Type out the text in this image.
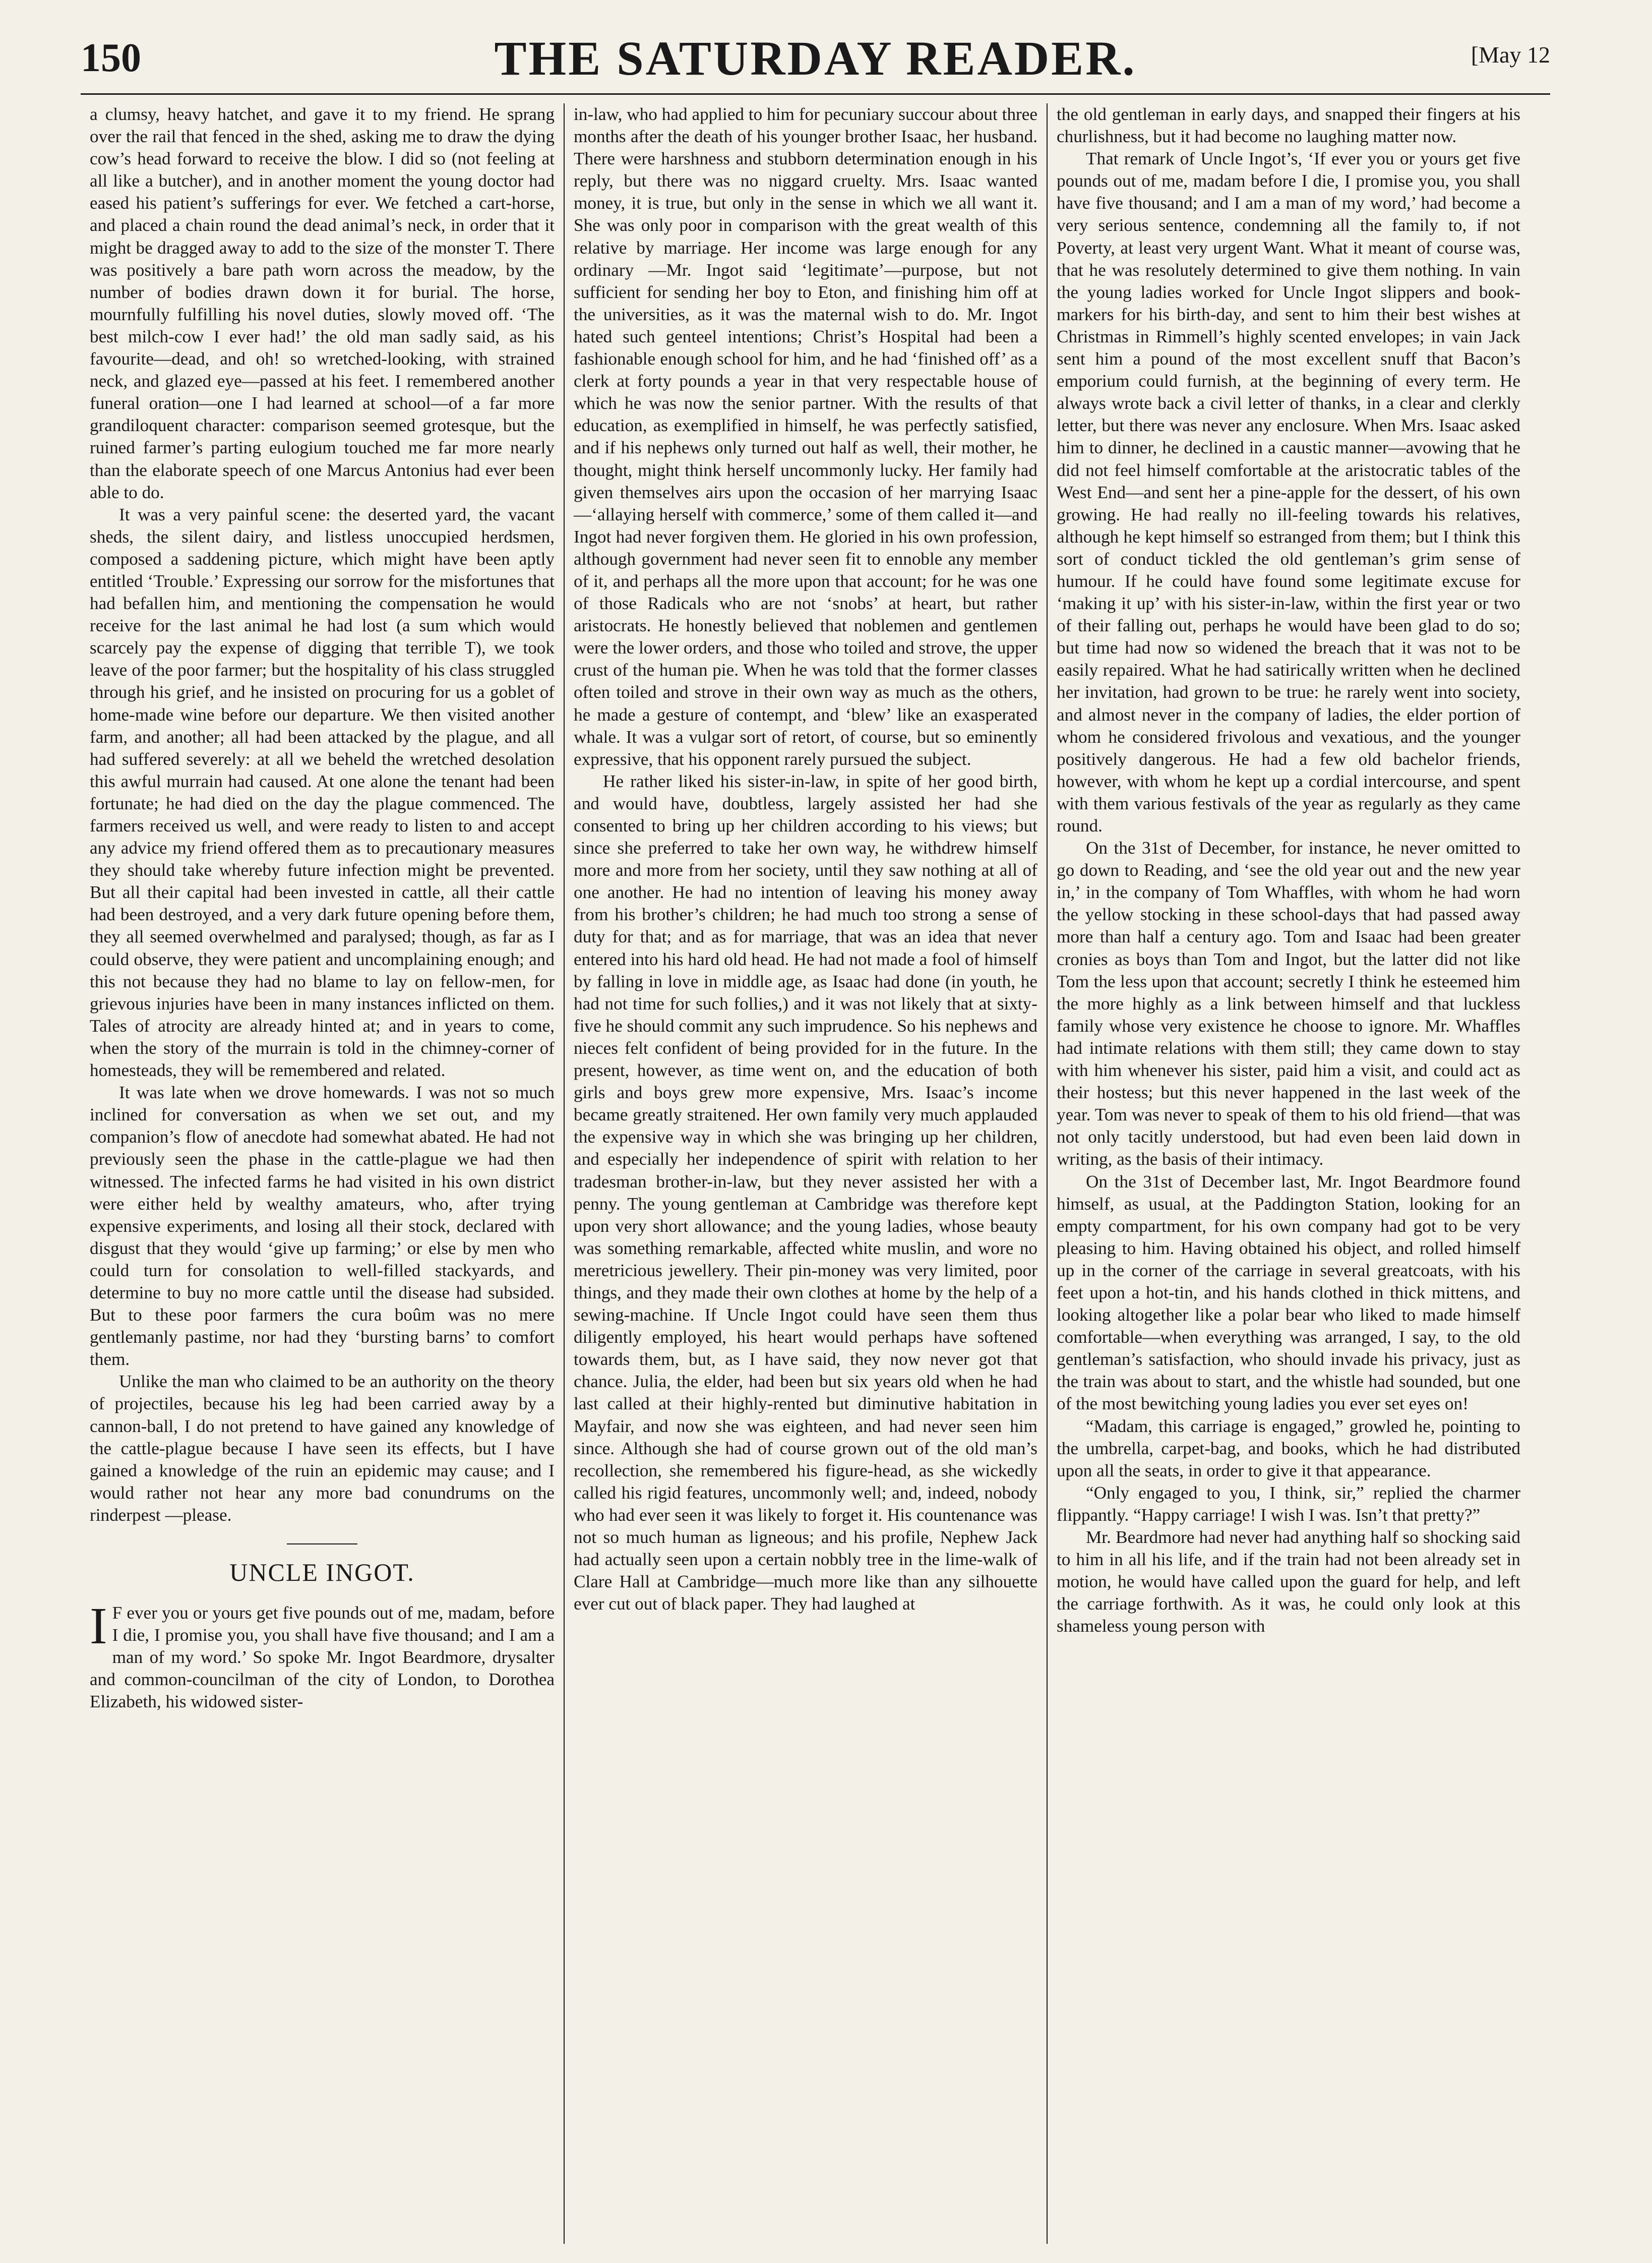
150	THE SATURDAY READER.	[May 12

a clumsy, heavy hatchet, and gave it to my friend. He sprang over the rail that fenced in the shed, asking me to draw the dying cow’s head forward to receive the blow. I did so (not feeling at all like a butcher), and in another moment the young doctor had eased his patient’s sufferings for ever. We fetched a cart-horse, and placed a chain round the dead animal’s neck, in order that it might be dragged away to add to the size of the monster T. There was positively a bare path worn across the meadow, by the number of bodies drawn down it for burial. The horse, mournfully fulfilling his novel duties, slowly moved off. ‘The best milch-cow I ever had!’ the old man sadly said, as his favourite—dead, and oh! so wretched-looking, with strained neck, and glazed eye—passed at his feet. I remembered another funeral oration—one I had learned at school—of a far more grandiloquent character: comparison seemed grotesque, but the ruined farmer’s parting eulogium touched me far more nearly than the elaborate speech of one Marcus Antonius had ever been able to do.

It was a very painful scene: the deserted yard, the vacant sheds, the silent dairy, and listless unoccupied herdsmen, composed a saddening picture, which might have been aptly entitled ‘Trouble.’ Expressing our sorrow for the misfortunes that had befallen him, and mentioning the compensation he would receive for the last animal he had lost (a sum which would scarcely pay the expense of digging that terrible T), we took leave of the poor farmer; but the hospitality of his class struggled through his grief, and he insisted on procuring for us a goblet of home-made wine before our departure. We then visited another farm, and another; all had been attacked by the plague, and all had suffered severely: at all we beheld the wretched desolation this awful murrain had caused. At one alone the tenant had been fortunate; he had died on the day the plague commenced. The farmers received us well, and were ready to listen to and accept any advice my friend offered them as to precautionary measures they should take whereby future infection might be prevented. But all their capital had been invested in cattle, all their cattle had been destroyed, and a very dark future opening before them, they all seemed overwhelmed and paralysed; though, as far as I could observe, they were patient and uncomplaining enough; and this not because they had no blame to lay on fellow-men, for grievous injuries have been in many instances inflicted on them. Tales of atrocity are already hinted at; and in years to come, when the story of the murrain is told in the chimney-corner of homesteads, they will be remembered and related.

It was late when we drove homewards. I was not so much inclined for conversation as when we set out, and my companion’s flow of anecdote had somewhat abated. He had not previously seen the phase in the cattle-plague we had then witnessed. The infected farms he had visited in his own district were either held by wealthy amateurs, who, after trying expensive experiments, and losing all their stock, declared with disgust that they would ‘give up farming;’ or else by men who could turn for consolation to well-filled stackyards, and determine to buy no more cattle until the disease had subsided. But to these poor farmers the cura boûm was no mere gentlemanly pastime, nor had they ‘bursting barns’ to comfort them.

Unlike the man who claimed to be an authority on the theory of projectiles, because his leg had been carried away by a cannon-ball, I do not pretend to have gained any knowledge of the cattle-plague because I have seen its effects, but I have gained a knowledge of the ruin an epidemic may cause; and I would rather not hear any more bad conundrums on the rinderpest —please.

UNCLE INGOT.

I F ever you or yours get five pounds out of me, madam, before I die, I promise you, you shall have five thousand; and I am a man of my word.’ So spoke Mr. Ingot Beardmore, drysalter and common-councilman of the city of London, to Dorothea Elizabeth, his widowed sister-

in-law, who had applied to him for pecuniary succour about three months after the death of his younger brother Isaac, her husband. There were harshness and stubborn determination enough in his reply, but there was no niggard cruelty. Mrs. Isaac wanted money, it is true, but only in the sense in which we all want it. She was only poor in comparison with the great wealth of this relative by marriage. Her income was large enough for any ordinary —Mr. Ingot said ‘legitimate’—purpose, but not sufficient for sending her boy to Eton, and finishing him off at the universities, as it was the maternal wish to do. Mr. Ingot hated such genteel intentions; Christ’s Hospital had been a fashionable enough school for him, and he had ‘finished off’ as a clerk at forty pounds a year in that very respectable house of which he was now the senior partner. With the results of that education, as exemplified in himself, he was perfectly satisfied, and if his nephews only turned out half as well, their mother, he thought, might think herself uncommonly lucky. Her family had given themselves airs upon the occasion of her marrying Isaac—‘allaying herself with commerce,’ some of them called it—and Ingot had never forgiven them. He gloried in his own profession, although government had never seen fit to ennoble any member of it, and perhaps all the more upon that account; for he was one of those Radicals who are not ‘snobs’ at heart, but rather aristocrats. He honestly believed that noblemen and gentlemen were the lower orders, and those who toiled and strove, the upper crust of the human pie. When he was told that the former classes often toiled and strove in their own way as much as the others, he made a gesture of contempt, and ‘blew’ like an exasperated whale. It was a vulgar sort of retort, of course, but so eminently expressive, that his opponent rarely pursued the subject.

He rather liked his sister-in-law, in spite of her good birth, and would have, doubtless, largely assisted her had she consented to bring up her children according to his views; but since she preferred to take her own way, he withdrew himself more and more from her society, until they saw nothing at all of one another. He had no intention of leaving his money away from his brother’s children; he had much too strong a sense of duty for that; and as for marriage, that was an idea that never entered into his hard old head. He had not made a fool of himself by falling in love in middle age, as Isaac had done (in youth, he had not time for such follies,) and it was not likely that at sixty-five he should commit any such imprudence. So his nephews and nieces felt confident of being provided for in the future. In the present, however, as time went on, and the education of both girls and boys grew more expensive, Mrs. Isaac’s income became greatly straitened. Her own family very much applauded the expensive way in which she was bringing up her children, and especially her independence of spirit with relation to her tradesman brother-in-law, but they never assisted her with a penny. The young gentleman at Cambridge was therefore kept upon very short allowance; and the young ladies, whose beauty was something remarkable, affected white muslin, and wore no meretricious jewellery. Their pin-money was very limited, poor things, and they made their own clothes at home by the help of a sewing-machine. If Uncle Ingot could have seen them thus diligently employed, his heart would perhaps have softened towards them, but, as I have said, they now never got that chance. Julia, the elder, had been but six years old when he had last called at their highly-rented but diminutive habitation in Mayfair, and now she was eighteen, and had never seen him since. Although she had of course grown out of the old man’s recollection, she remembered his figure-head, as she wickedly called his rigid features, uncommonly well; and, indeed, nobody who had ever seen it was likely to forget it. His countenance was not so much human as ligneous; and his profile, Nephew Jack had actually seen upon a certain nobbly tree in the lime-walk of Clare Hall at Cambridge—much more like than any silhouette ever cut out of black paper. They had laughed at

the old gentleman in early days, and snapped their fingers at his churlishness, but it had become no laughing matter now.

That remark of Uncle Ingot’s, ‘If ever you or yours get five pounds out of me, madam before I die, I promise you, you shall have five thousand; and I am a man of my word,’ had become a very serious sentence, condemning all the family to, if not Poverty, at least very urgent Want. What it meant of course was, that he was resolutely determined to give them nothing. In vain the young ladies worked for Uncle Ingot slippers and book-markers for his birth-day, and sent to him their best wishes at Christmas in Rimmell’s highly scented envelopes; in vain Jack sent him a pound of the most excellent snuff that Bacon’s emporium could furnish, at the beginning of every term. He always wrote back a civil letter of thanks, in a clear and clerkly letter, but there was never any enclosure. When Mrs. Isaac asked him to dinner, he declined in a caustic manner—avowing that he did not feel himself comfortable at the aristocratic tables of the West End—and sent her a pine-apple for the dessert, of his own growing. He had really no ill-feeling towards his relatives, although he kept himself so estranged from them; but I think this sort of conduct tickled the old gentleman’s grim sense of humour. If he could have found some legitimate excuse for ‘making it up’ with his sister-in-law, within the first year or two of their falling out, perhaps he would have been glad to do so; but time had now so widened the breach that it was not to be easily repaired. What he had satirically written when he declined her invitation, had grown to be true: he rarely went into society, and almost never in the company of ladies, the elder portion of whom he considered frivolous and vexatious, and the younger positively dangerous. He had a few old bachelor friends, however, with whom he kept up a cordial intercourse, and spent with them various festivals of the year as regularly as they came round.

On the 31st of December, for instance, he never omitted to go down to Reading, and ‘see the old year out and the new year in,’ in the company of Tom Whaffles, with whom he had worn the yellow stocking in these school-days that had passed away more than half a century ago. Tom and Isaac had been greater cronies as boys than Tom and Ingot, but the latter did not like Tom the less upon that account; secretly I think he esteemed him the more highly as a link between himself and that luckless family whose very existence he choose to ignore. Mr. Whaffles had intimate relations with them still; they came down to stay with him whenever his sister, paid him a visit, and could act as their hostess; but this never happened in the last week of the year. Tom was never to speak of them to his old friend—that was not only tacitly understood, but had even been laid down in writing, as the basis of their intimacy.

On the 31st of December last, Mr. Ingot Beardmore found himself, as usual, at the Paddington Station, looking for an empty compartment, for his own company had got to be very pleasing to him. Having obtained his object, and rolled himself up in the corner of the carriage in several greatcoats, with his feet upon a hot-tin, and his hands clothed in thick mittens, and looking altogether like a polar bear who liked to made himself comfortable—when everything was arranged, I say, to the old gentleman’s satisfaction, who should invade his privacy, just as the train was about to start, and the whistle had sounded, but one of the most bewitching young ladies you ever set eyes on!

“Madam, this carriage is engaged,” growled he, pointing to the umbrella, carpet-bag, and books, which he had distributed upon all the seats, in order to give it that appearance.

“Only engaged to you, I think, sir,” replied the charmer flippantly. “Happy carriage! I wish I was. Isn’t that pretty?”

Mr. Beardmore had never had anything half so shocking said to him in all his life, and if the train had not been already set in motion, he would have called upon the guard for help, and left the carriage forthwith. As it was, he could only look at this shameless young person with
